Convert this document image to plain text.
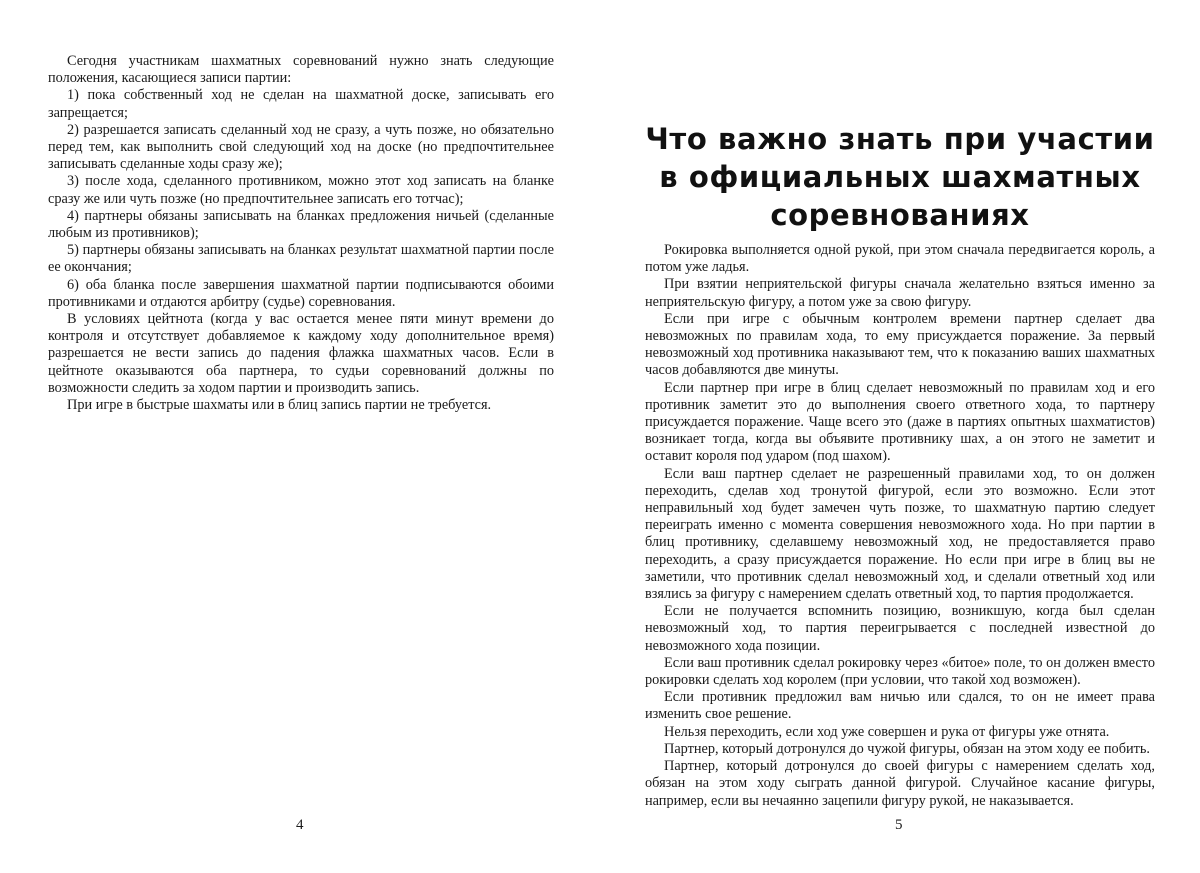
Сегодня участникам шахматных соревнований нужно знать следующие положения, касающиеся записи партии:

1) пока собственный ход не сделан на шахматной доске, записывать его запрещается;

2) разрешается записать сделанный ход не сразу, а чуть позже, но обязательно перед тем, как выполнить свой следующий ход на доске (но предпочтительнее записывать сделанные ходы сразу же);

3) после хода, сделанного противником, можно этот ход записать на бланке сразу же или чуть позже (но предпочтительнее записать его тотчас);

4) партнеры обязаны записывать на бланках предложения ничьей (сделанные любым из противников);

5) партнеры обязаны записывать на бланках результат шахматной партии после ее окончания;

6) оба бланка после завершения шахматной партии подписываются обоими противниками и отдаются арбитру (судье) соревнования.

В условиях цейтнота (когда у вас остается менее пяти минут времени до контроля и отсутствует добавляемое к каждому ходу дополнительное время) разрешается не вести запись до падения флажка шахматных часов. Если в цейтноте оказываются оба партнера, то судьи соревнований должны по возможности следить за ходом партии и производить запись.

При игре в быстрые шахматы или в блиц запись партии не требуется.

4
Что важно знать при участии в официальных шахматных соревнованиях

Рокировка выполняется одной рукой, при этом сначала передвигается король, а потом уже ладья.

При взятии неприятельской фигуры сначала желательно взяться именно за неприятельскую фигуру, а потом уже за свою фигуру.

Если при игре с обычным контролем времени партнер сделает два невозможных по правилам хода, то ему присуждается поражение. За первый невозможный ход противника наказывают тем, что к показанию ваших шахматных часов добавляются две минуты.

Если партнер при игре в блиц сделает невозможный по правилам ход и его противник заметит это до выполнения своего ответного хода, то партнеру присуждается поражение. Чаще всего это (даже в партиях опытных шахматистов) возникает тогда, когда вы объявите противнику шах, а он этого не заметит и оставит короля под ударом (под шахом).

Если ваш партнер сделает не разрешенный правилами ход, то он должен переходить, сделав ход тронутой фигурой, если это возможно. Если этот неправильный ход будет замечен чуть позже, то шахматную партию следует переиграть именно с момента совершения невозможного хода. Но при партии в блиц противнику, сделавшему невозможный ход, не предоставляется право переходить, а сразу присуждается поражение. Но если при игре в блиц вы не заметили, что противник сделал невозможный ход, и сделали ответный ход или взялись за фигуру с намерением сделать ответный ход, то партия продолжается.

Если не получается вспомнить позицию, возникшую, когда был сделан невозможный ход, то партия переигрывается с последней известной до невозможного хода позиции.

Если ваш противник сделал рокировку через «битое» поле, то он должен вместо рокировки сделать ход королем (при условии, что такой ход возможен).

Если противник предложил вам ничью или сдался, то он не имеет права изменить свое решение.

Нельзя переходить, если ход уже совершен и рука от фигуры уже отнята.

Партнер, который дотронулся до чужой фигуры, обязан на этом ходу ее побить.

Партнер, который дотронулся до своей фигуры с намерением сделать ход, обязан на этом ходу сыграть данной фигурой. Случайное касание фигуры, например, если вы нечаянно зацепили фигуру рукой, не наказывается.

5
